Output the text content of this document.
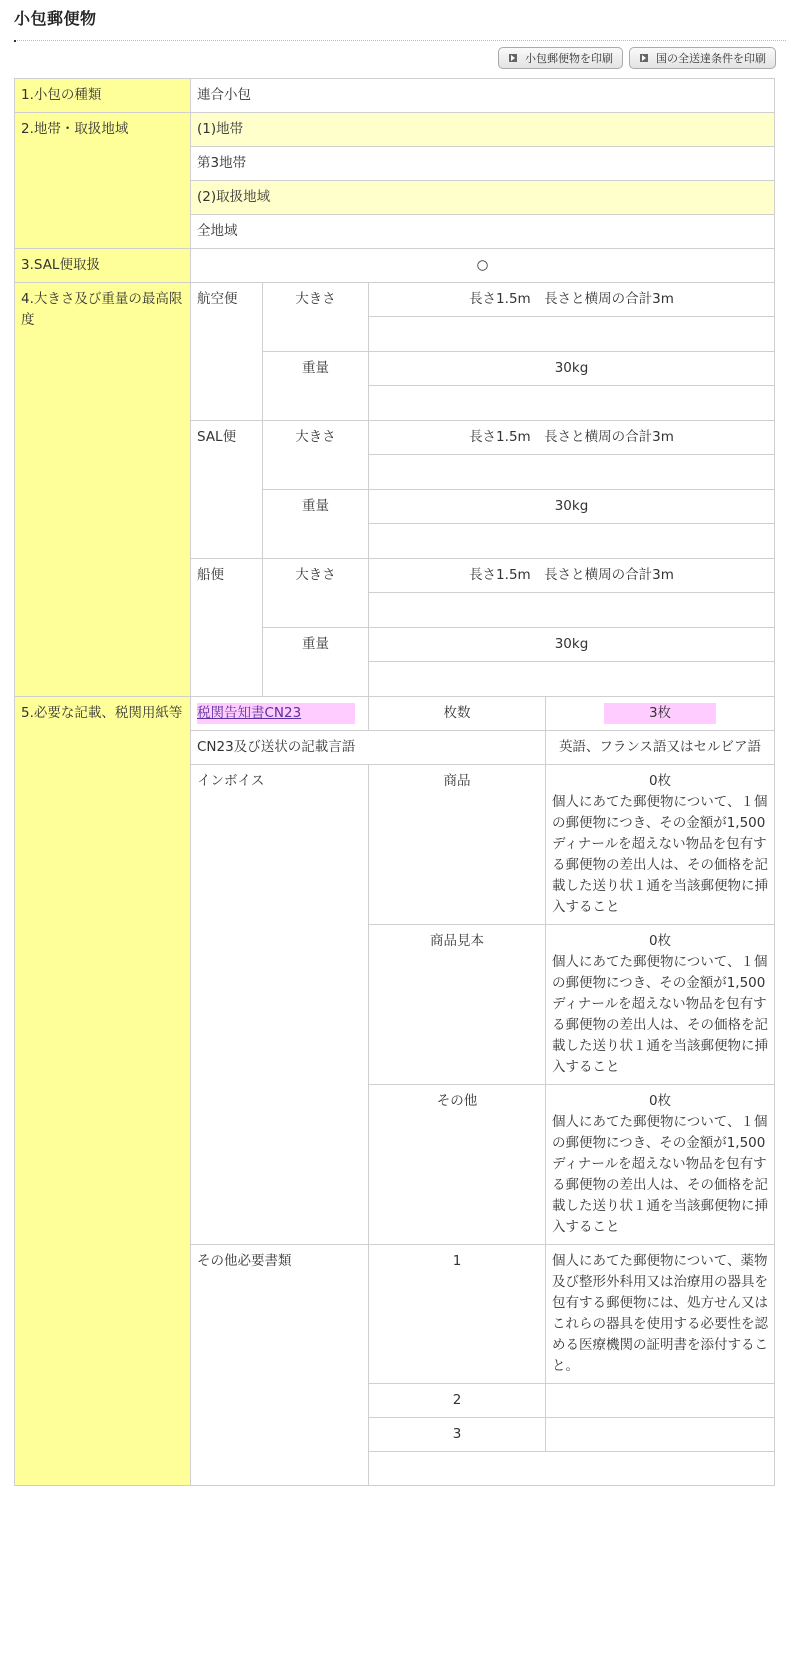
小包郵便物
小包郵便物を印刷	国の全送達条件を印刷
1.小包の種類	連合小包			
2.地帯・取扱地域	(1)地帯			
	第3地帯			
	(2)取扱地域			
	全地域			
3.SAL便取扱	○			
4.大きさ及び重量の最高限度	航空便	大きさ	長さ1.5m　長さと横周の合計3m	

		重量	30kg	

	SAL便	大きさ	長さ1.5m　長さと横周の合計3m	

		重量	30kg	

	船便	大きさ	長さ1.5m　長さと横周の合計3m	

		重量	30kg	

5.必要な記載、税関用紙等	税関告知書CN23		枚数	3枚
	CN23及び送状の記載言語			英語、フランス語又はセルビア語
	インボイス		商品	0枚
個人にあてた郵便物について、１個の郵便物につき、その金額が1,500ディナールを超えない物品を包有する郵便物の差出人は、その価格を記載した送り状１通を当該郵便物に挿入すること

			商品見本	0枚
個人にあてた郵便物について、１個の郵便物につき、その金額が1,500ディナールを超えない物品を包有する郵便物の差出人は、その価格を記載した送り状１通を当該郵便物に挿入すること

			その他	0枚
個人にあてた郵便物について、１個の郵便物につき、その金額が1,500ディナールを超えない物品を包有する郵便物の差出人は、その価格を記載した送り状１通を当該郵便物に挿入すること

	その他必要書類		1	個人にあてた郵便物について、薬物及び整形外科用又は治療用の器具を包有する郵便物には、処方せん又はこれらの器具を使用する必要性を認める医療機関の証明書を添付すること。
			2	
			3	
